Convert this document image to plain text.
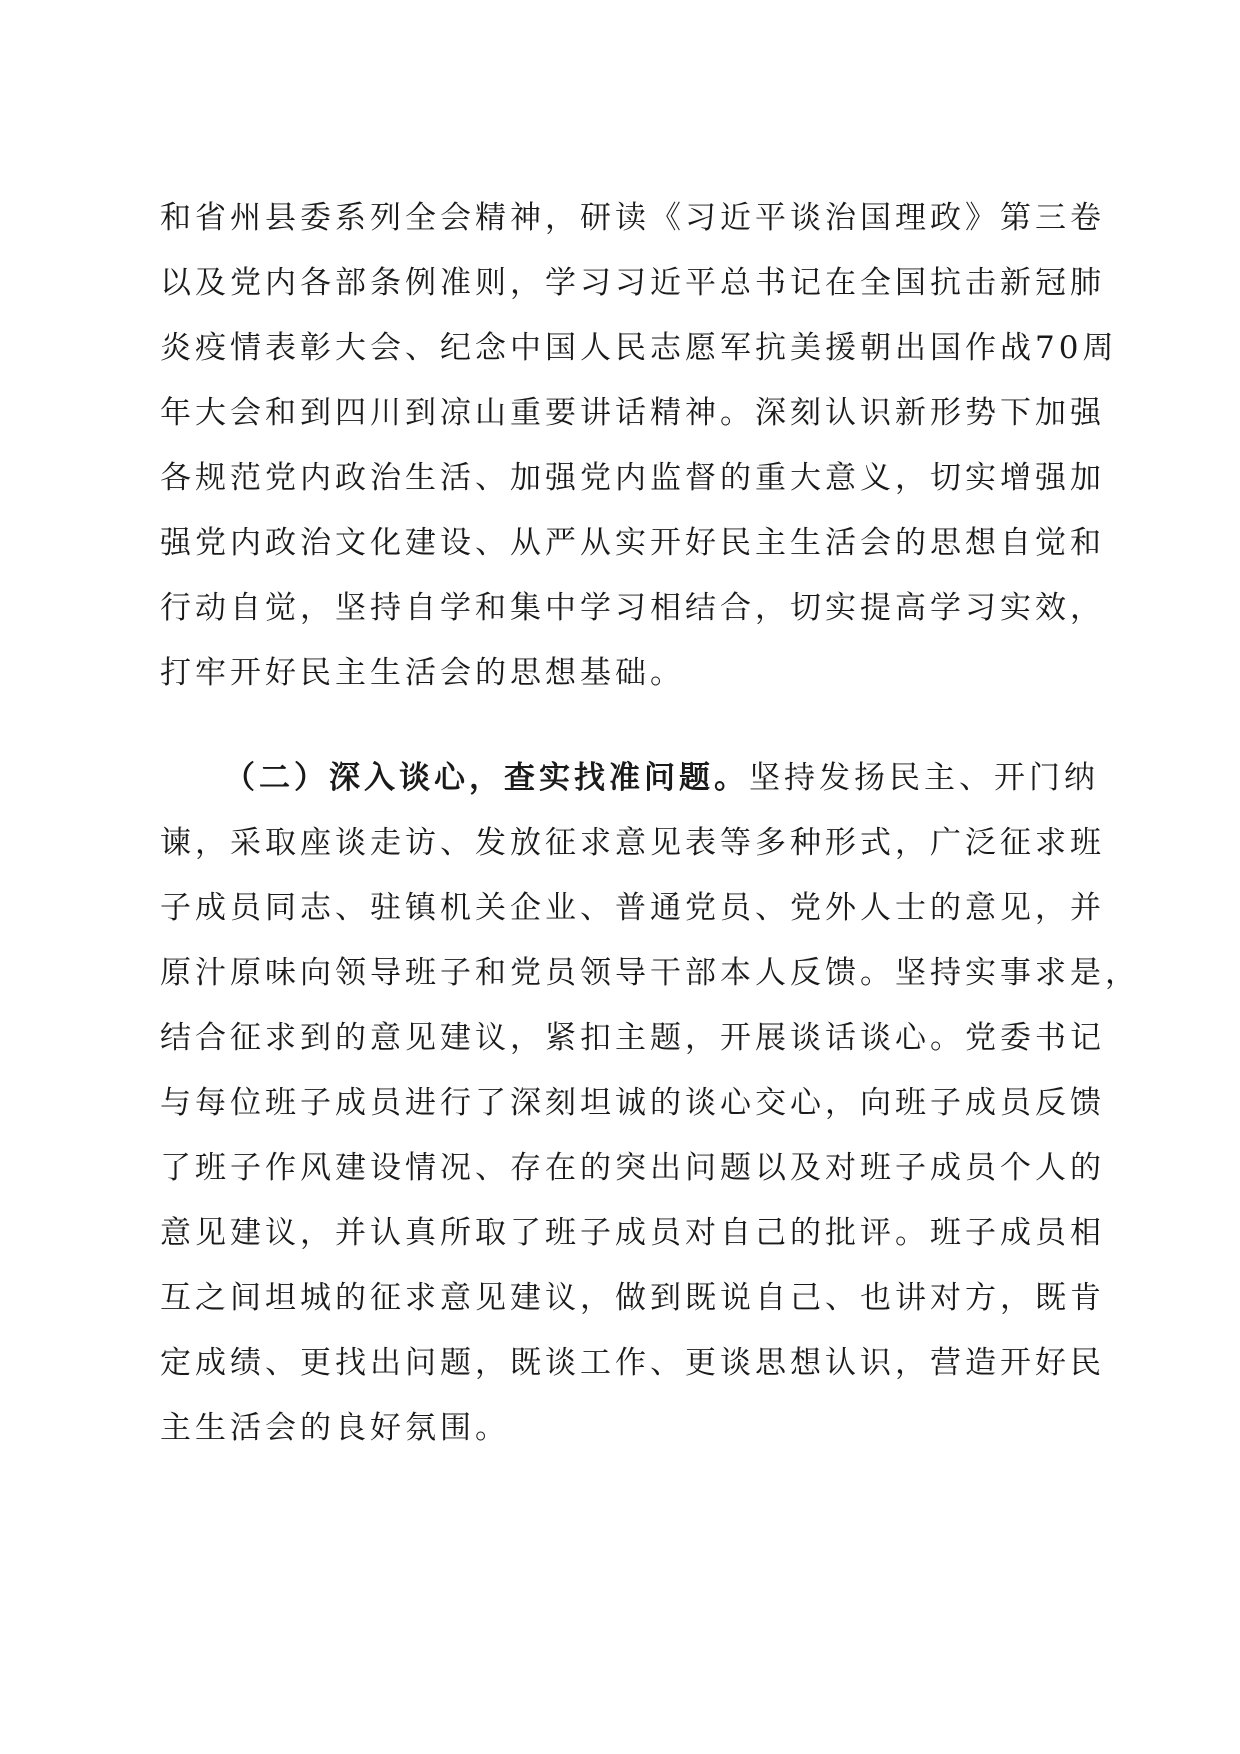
和省州县委系列全会精神，研读《习近平谈治国理政》第三卷
以及党内各部条例准则，学习习近平总书记在全国抗击新冠肺
炎疫情表彰大会、纪念中国人民志愿军抗美援朝出国作战70周
年大会和到四川到凉山重要讲话精神。深刻认识新形势下加强
各规范党内政治生活、加强党内监督的重大意义，切实增强加
强党内政治文化建设、从严从实开好民主生活会的思想自觉和
行动自觉，坚持自学和集中学习相结合，切实提高学习实效，
打牢开好民主生活会的思想基础。
（二）深入谈心，查实找准问题。坚持发扬民主、开门纳
谏，采取座谈走访、发放征求意见表等多种形式，广泛征求班
子成员同志、驻镇机关企业、普通党员、党外人士的意见，并
原汁原味向领导班子和党员领导干部本人反馈。坚持实事求是，
结合征求到的意见建议，紧扣主题，开展谈话谈心。党委书记
与每位班子成员进行了深刻坦诚的谈心交心，向班子成员反馈
了班子作风建设情况、存在的突出问题以及对班子成员个人的
意见建议，并认真所取了班子成员对自己的批评。班子成员相
互之间坦城的征求意见建议，做到既说自己、也讲对方，既肯
定成绩、更找出问题，既谈工作、更谈思想认识，营造开好民
主生活会的良好氛围。
